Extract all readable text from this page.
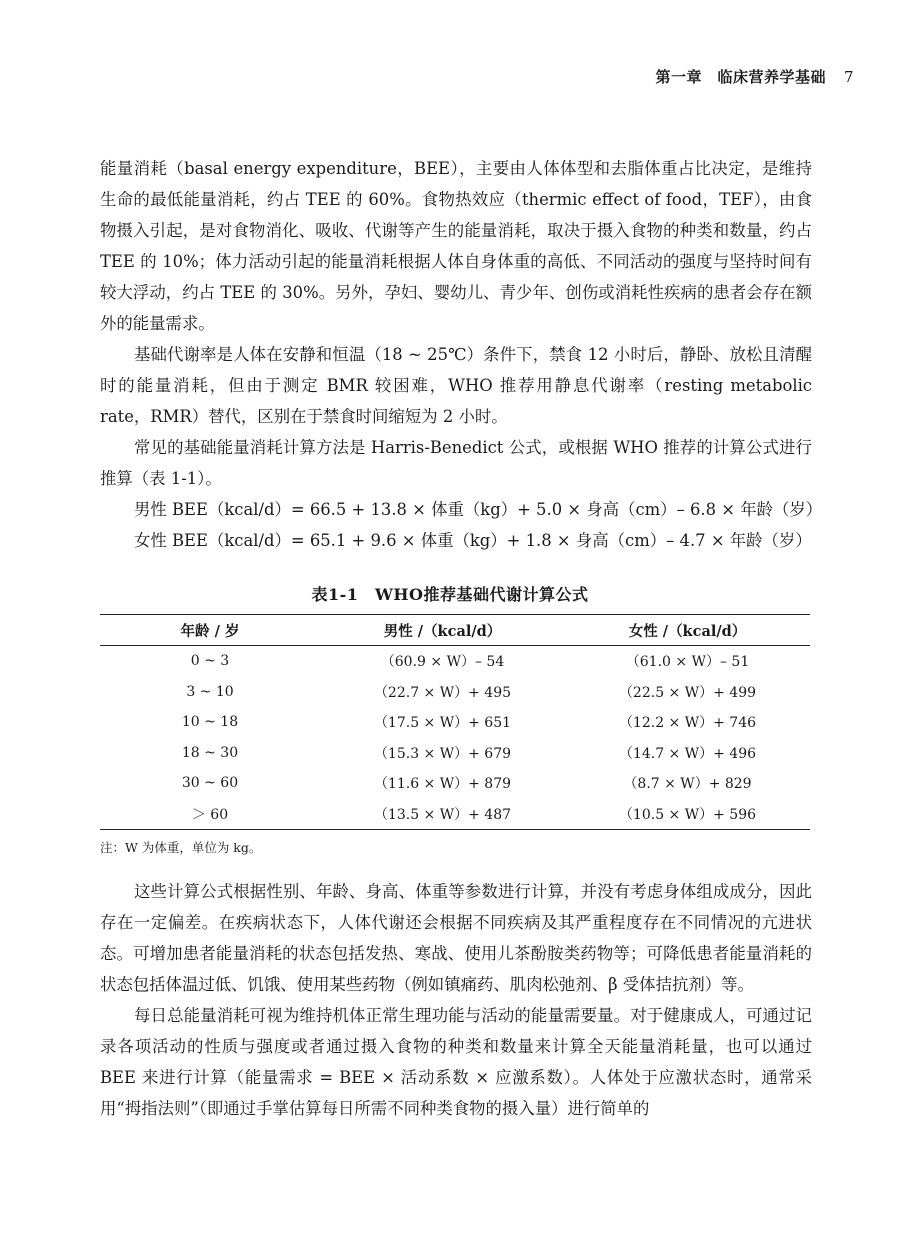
第一章　临床营养学基础 7

能量消耗（basal energy expenditure，BEE），主要由人体体型和去脂体重占比决定，是维持生命的最低能量消耗，约占 TEE 的 60%。食物热效应（thermic effect of food，TEF），由食物摄入引起，是对食物消化、吸收、代谢等产生的能量消耗，取决于摄入食物的种类和数量，约占 TEE 的 10%；体力活动引起的能量消耗根据人体自身体重的高低、不同活动的强度与坚持时间有较大浮动，约占 TEE 的 30%。另外，孕妇、婴幼儿、青少年、创伤或消耗性疾病的患者会存在额外的能量需求。

基础代谢率是人体在安静和恒温（18 ~ 25℃）条件下，禁食 12 小时后，静卧、放松且清醒时的能量消耗，但由于测定 BMR 较困难，WHO 推荐用静息代谢率（resting metabolic rate，RMR）替代，区别在于禁食时间缩短为 2 小时。

常见的基础能量消耗计算方法是 Harris-Benedict 公式，或根据 WHO 推荐的计算公式进行推算（表 1-1）。

男性 BEE（kcal/d）= 66.5 + 13.8 × 体重（kg）+ 5.0 × 身高（cm）– 6.8 × 年龄（岁）

女性 BEE（kcal/d）= 65.1 + 9.6 × 体重（kg）+ 1.8 × 身高（cm）– 4.7 × 年龄（岁）

表1-1　WHO推荐基础代谢计算公式
年龄 / 岁	男性 /（kcal/d）	女性 /（kcal/d）
0 ~ 3	（60.9 × W）– 54	（61.0 × W）– 51
3 ~ 10	（22.7 × W）+ 495	（22.5 × W）+ 499
10 ~ 18	（17.5 × W）+ 651	（12.2 × W）+ 746
18 ~ 30	（15.3 × W）+ 679	（14.7 × W）+ 496
30 ~ 60	（11.6 × W）+ 879	（8.7 × W）+ 829
＞ 60	（13.5 × W）+ 487	（10.5 × W）+ 596
注：W 为体重，单位为 kg。

这些计算公式根据性别、年龄、身高、体重等参数进行计算，并没有考虑身体组成成分，因此存在一定偏差。在疾病状态下，人体代谢还会根据不同疾病及其严重程度存在不同情况的亢进状态。可增加患者能量消耗的状态包括发热、寒战、使用儿茶酚胺类药物等；可降低患者能量消耗的状态包括体温过低、饥饿、使用某些药物（例如镇痛药、肌肉松弛剂、β 受体拮抗剂）等。

每日总能量消耗可视为维持机体正常生理功能与活动的能量需要量。对于健康成人，可通过记录各项活动的性质与强度或者通过摄入食物的种类和数量来计算全天能量消耗量，也可以通过 BEE 来进行计算（能量需求 = BEE × 活动系数 × 应激系数）。人体处于应激状态时，通常采用“拇指法则”（即通过手掌估算每日所需不同种类食物的摄入量）进行简单的
